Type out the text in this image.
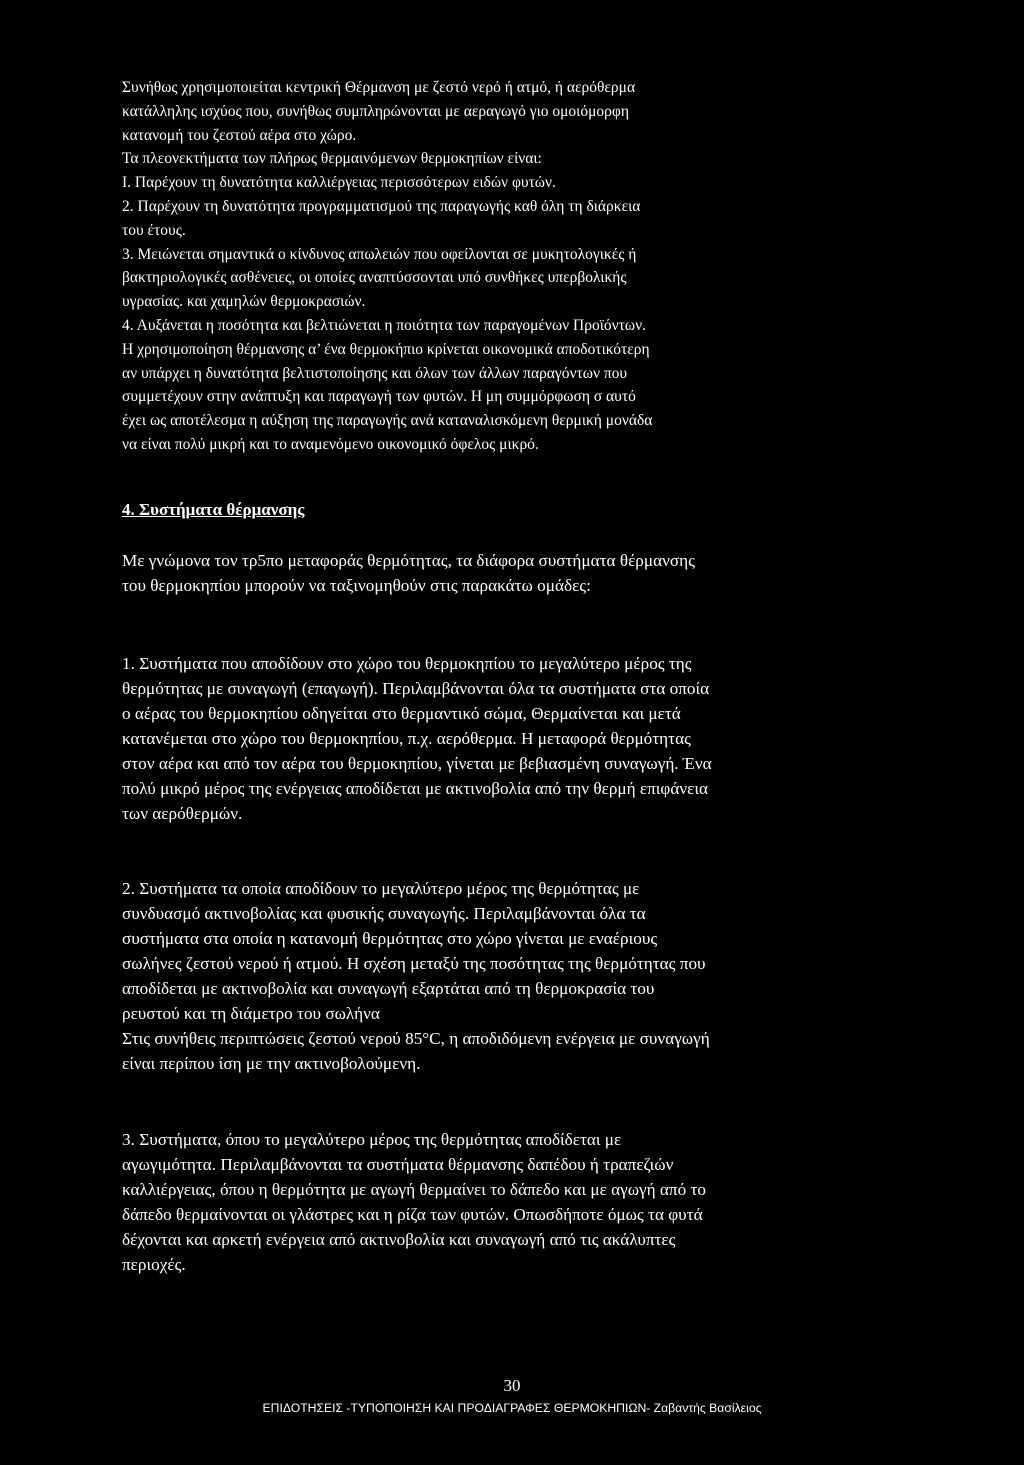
Συνήθως χρησιμοποιείται κεντρική Θέρμανση με ζεστό νερό ή ατμό, ή αερόθερμα
κατάλληλης ισχύος που, συνήθως συμπληρώνονται με αεραγωγό γιο ομοιόμορφη
κατανομή του ζεστού αέρα στο χώρο.
Τα πλεονεκτήματα των πλήρως θερμαινόμενων θερμοκηπίων είναι:
I. Παρέχουν τη δυνατότητα καλλιέργειας περισσότερων ειδών φυτών.
2. Παρέχουν τη δυνατότητα προγραμματισμού της παραγωγής καθ όλη τη διάρκεια
του έτους.
3. Μειώνεται σημαντικά ο κίνδυνος απωλειών που οφείλονται σε μυκητολογικές ή
βακτηριολογικές ασθένειες, οι οποίες αναπτύσσονται υπό συνθήκες υπερβολικής
υγρασίας. και χαμηλών θερμοκρασιών.
4. Αυξάνεται η ποσότητα και βελτιώνεται η ποιότητα των παραγομένων Προϊόντων.
Η χρησιμοποίηση θέρμανσης α’ ένα θερμοκήπιο κρίνεται οικονομικά αποδοτικότερη
αν υπάρχει η δυνατότητα βελτιστοποίησης και όλων των άλλων παραγόντων που
συμμετέχουν στην ανάπτυξη και παραγωγή των φυτών. Η μη συμμόρφωση σ αυτό
έχει ως αποτέλεσμα η αύξηση της παραγωγής ανά καταναλισκόμενη θερμική μονάδα
να είναι πολύ μικρή και το αναμενόμενο οικονομικό όφελος μικρό.
4. Συστήματα θέρμανσης
Με γνώμονα τον τρ5πο μεταφοράς θερμότητας, τα διάφορα συστήματα θέρμανσης
του θερμοκηπίου μπορούν να ταξινομηθούν στις παρακάτω ομάδες:
1. Συστήματα που αποδίδουν στο χώρο του θερμοκηπίου το μεγαλύτερο μέρος της
θερμότητας με συναγωγή (επαγωγή). Περιλαμβάνονται όλα τα συστήματα στα οποία
ο αέρας του θερμοκηπίου οδηγείται στο θερμαντικό σώμα, Θερμαίνεται και μετά
κατανέμεται στο χώρο του θερμοκηπίου, π.χ. αερόθερμα. Η μεταφορά θερμότητας
στον αέρα και από τον αέρα του θερμοκηπίου, γίνεται με βεβιασμένη συναγωγή. Ένα
πολύ μικρό μέρος της ενέργειας αποδίδεται με ακτινοβολία από την θερμή επιφάνεια
των αερόθερμών.
2. Συστήματα τα οποία αποδίδουν το μεγαλύτερο μέρος της θερμότητας με
συνδυασμό ακτινοβολίας και φυσικής συναγωγής. Περιλαμβάνονται όλα τα
συστήματα στα οποία η κατανομή θερμότητας στο χώρο γίνεται με εναέριους
σωλήνες ζεστού νερού ή ατμού. Η σχέση μεταξύ της ποσότητας της θερμότητας που
αποδίδεται με ακτινοβολία και συναγωγή εξαρτάται από τη θερμοκρασία του
ρευστού και τη διάμετρο του σωλήνα
Στις συνήθεις περιπτώσεις ζεστού νερού 85°C, η αποδιδόμενη ενέργεια με συναγωγή
είναι περίπου ίση με την ακτινοβολούμενη.
3. Συστήματα, όπου το μεγαλύτερο μέρος της θερμότητας αποδίδεται με
αγωγιμότητα. Περιλαμβάνονται τα συστήματα θέρμανσης δαπέδου ή τραπεζιών
καλλιέργειας, όπου η θερμότητα με αγωγή θερμαίνει το δάπεδο και με αγωγή από το
δάπεδο θερμαίνονται οι γλάστρες και η ρίζα των φυτών. Οπωσδήποτε όμως τα φυτά
δέχονται και αρκετή ενέργεια από ακτινοβολία και συναγωγή από τις ακάλυπτες
περιοχές.
30
ΕΠΙΔΟΤΗΣΕΙΣ -ΤΥΠΟΠΟΙΗΣΗ ΚΑΙ ΠΡΟΔΙΑΓΡΑΦΕΣ ΘΕΡΜΟΚΗΠΙΩΝ- Ζαβαντής Βασίλειος
